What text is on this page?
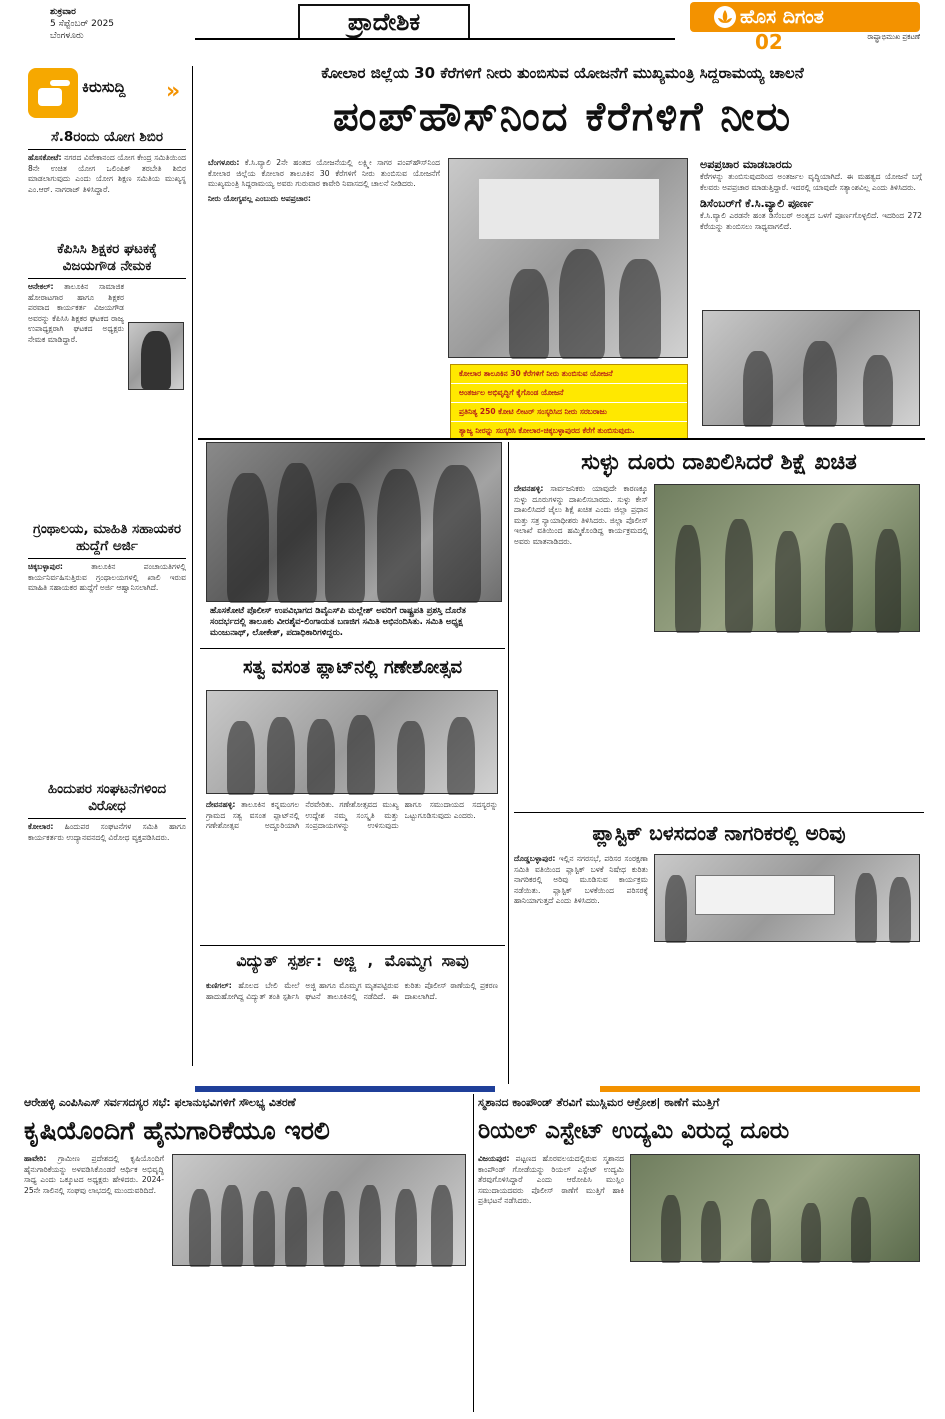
ಶುಕ್ರವಾರ
5 ಸೆಪ್ಟೆಂಬರ್ 2025
ಬೆಂಗಳೂರು	ಪ್ರಾದೇಶಿಕ	ಹೊಸ ದಿಗಂತ
ರಾಷ್ಟ್ರಾಭಿಮುಖ ಪ್ರಕಟಣೆ
02
ಕಿರುಸುದ್ದಿ	»
ಸೆ.8ರಂದು ಯೋಗ ಶಿಬಿರ
ಹೊಸಕೋಟೆ: ನಗರದ ವಿವೇಕಾನಂದ ಯೋಗ ಕೇಂದ್ರ ಸಮಿತಿಯಿಂದ 8ನೇ ಉಚಿತ ಯೋಗ ಒಲಿಂಪಿಕ್ ತರಬೇತಿ ಶಿಬಿರ ಮಾಡಲಾಗುವುದು ಎಂದು ಯೋಗ ಶಿಕ್ಷಣ ಸಮಿತಿಯ ಮುಖ್ಯಸ್ಥ ಎಂ.ಆರ್. ನಾಗರಾಜ್ ತಿಳಿಸಿದ್ದಾರೆ.
ಕೆಪಿಸಿಸಿ ಶಿಕ್ಷಕರ ಘಟಕಕ್ಕೆ ವಿಜಯಗೌಡ ನೇಮಕ
ಆನೇಕಲ್: ತಾಲೂಕಿನ ಸಾಮಾಜಿಕ ಹೋರಾಟಗಾರ ಹಾಗೂ ಶಿಕ್ಷಕರ ಪರವಾದ ಕಾರ್ಯಕರ್ತ ವಿಜಯಗೌಡ ಅವರನ್ನು ಕೆಪಿಸಿಸಿ ಶಿಕ್ಷಕರ ಘಟಕದ ರಾಜ್ಯ ಉಪಾಧ್ಯಕ್ಷರಾಗಿ ಘಟಕದ ಅಧ್ಯಕ್ಷರು ನೇಮಕ ಮಾಡಿದ್ದಾರೆ.
ಗ್ರಂಥಾಲಯ, ಮಾಹಿತಿ ಸಹಾಯಕರ ಹುದ್ದೆಗೆ ಅರ್ಜಿ
ಚಿಕ್ಕಬಳ್ಳಾಪುರ:	ತಾಲೂಕಿನ ಪಂಚಾಯತಿಗಳಲ್ಲಿ ಕಾರ್ಯನಿರ್ವಹಿಸುತ್ತಿರುವ ಗ್ರಂಥಾಲಯಗಳಲ್ಲಿ ಖಾಲಿ ಇರುವ ಮಾಹಿತಿ ಸಹಾಯಕರ ಹುದ್ದೆಗೆ ಅರ್ಜಿ ಆಹ್ವಾನಿಸಲಾಗಿದೆ.
ಹಿಂದುಪರ ಸಂಘಟನೆಗಳಿಂದ ವಿರೋಧ
ಕೋಲಾರ: ಹಿಂದುಪರ ಸಂಘಟನೆಗಳ ಸಮಿತಿ ಹಾಗೂ ಕಾರ್ಯಕರ್ತರು ಉದ್ಯಾನವನದಲ್ಲಿ ವಿರೋಧ ವ್ಯಕ್ತಪಡಿಸಿದರು.
ಕೋಲಾರ ಜಿಲ್ಲೆಯ 30 ಕೆರೆಗಳಿಗೆ ನೀರು ತುಂಬಿಸುವ ಯೋಜನೆಗೆ ಮುಖ್ಯಮಂತ್ರಿ ಸಿದ್ದರಾಮಯ್ಯ ಚಾಲನೆ
ಪಂಪ್‌ಹೌಸ್‌ನಿಂದ ಕೆರೆಗಳಿಗೆ ನೀರು
ಬೆಂಗಳೂರು: ಕೆ.ಸಿ.ವ್ಯಾಲಿ 2ನೇ ಹಂತದ ಯೋಜನೆಯಲ್ಲಿ ಲಕ್ಷ್ಮೀ ಸಾಗರ ಪಂಪ್‌ಹೌಸ್‌ನಿಂದ ಕೋಲಾರ ಜಿಲ್ಲೆಯ ಕೋಲಾರ ತಾಲೂಕಿನ 30 ಕೆರೆಗಳಿಗೆ ನೀರು ತುಂಬಿಸುವ ಯೋಜನೆಗೆ ಮುಖ್ಯಮಂತ್ರಿ ಸಿದ್ದರಾಮಯ್ಯ ಅವರು ಗುರುವಾರ ಕಾವೇರಿ ನಿವಾಸದಲ್ಲಿ ಚಾಲನೆ ನೀಡಿದರು.
ನೀರು ಯೋಗ್ಯವಲ್ಲ ಎಂಬುದು ಅಪಪ್ರಚಾರ:
ಕೋಲಾರ ತಾಲೂಕಿನ 30 ಕೆರೆಗಳಿಗೆ ನೀರು ತುಂಬಿಸುವ ಯೋಜನೆ
ಅಂತರ್ಜಲ ಅಭಿವೃದ್ಧಿಗೆ ಕೈಗೊಂಡ ಯೋಜನೆ
ಪ್ರತಿನಿತ್ಯ 250 ಕೋಟಿ ಲೀಟರ್ ಸಂಸ್ಕರಿಸಿದ ನೀರು ಸರಬರಾಜು
ತ್ಯಾಜ್ಯ ನೀರನ್ನು ಸಂಸ್ಕರಿಸಿ ಕೋಲಾರ-ಚಿಕ್ಕಬಳ್ಳಾಪುರದ ಕೆರೆಗೆ ತುಂಬಿಸುವುದು.
ಅಪಪ್ರಚಾರ ಮಾಡಬಾರದು
ಕೆರೆಗಳನ್ನು ತುಂಬಿಸುವುದರಿಂದ ಅಂತರ್ಜಲ ವೃದ್ಧಿಯಾಗಿದೆ. ಈ ಮಹತ್ವದ ಯೋಜನೆ ಬಗ್ಗೆ ಕೆಲವರು ಅಪಪ್ರಚಾರ ಮಾಡುತ್ತಿದ್ದಾರೆ. ಇದರಲ್ಲಿ ಯಾವುದೇ ಸತ್ಯಾಂಶವಿಲ್ಲ ಎಂದು ತಿಳಿಸಿದರು.
ಡಿಸೆಂಬರ್‌ಗೆ ಕೆ.ಸಿ.ವ್ಯಾಲಿ ಪೂರ್ಣ
ಕೆ.ಸಿ.ವ್ಯಾಲಿ ಎರಡನೇ ಹಂತ ಡಿಸೆಂಬರ್ ಅಂತ್ಯದ ಒಳಗೆ ಪೂರ್ಣಗೊಳ್ಳಲಿದೆ. ಇದರಿಂದ 272 ಕೆರೆಯನ್ನು ತುಂಬಿಸಲು ಸಾಧ್ಯವಾಗಲಿದೆ.
ಹೊಸಕೋಟೆ ಪೊಲೀಸ್ ಉಪವಿಭಾಗದ ಡಿವೈಎಸ್‌ಪಿ ಮಲ್ಲೇಶ್ ಅವರಿಗೆ ರಾಷ್ಟ್ರಪತಿ ಪ್ರಶಸ್ತಿ ದೊರೆತ ಸಂದರ್ಭದಲ್ಲಿ ತಾಲೂಕು ವೀರಶೈವ-ಲಿಂಗಾಯತ ಬಣಜಿಗ ಸಮಿತಿ ಅಭಿನಂದಿಸಿತು. ಸಮಿತಿ ಅಧ್ಯಕ್ಷ ಮಂಜುನಾಥ್, ಲೋಕೇಶ್, ಪದಾಧಿಕಾರಿಗಳಿದ್ದರು.
ಸತ್ವ ವಸಂತ ಪ್ಲಾಟ್‌ನಲ್ಲಿ ಗಣೇಶೋತ್ಸವ
ದೇವನಹಳ್ಳಿ: ತಾಲೂಕಿನ ಕನ್ನಮಂಗಲ ಗ್ರಾಮದ ಸತ್ವ ವಸಂತ ಪ್ಲಾಟ್‌ನಲ್ಲಿ ಗಣೇಶೋತ್ಸವ ಅದ್ದೂರಿಯಾಗಿ ನೆರವೇರಿತು. ಗಣೇಶೋತ್ಸವದ ಮುಖ್ಯ ಉದ್ದೇಶ ನಮ್ಮ ಸಂಸ್ಕೃತಿ ಮತ್ತು ಸಂಪ್ರದಾಯಗಳನ್ನು ಉಳಿಸುವುದು ಹಾಗೂ ಸಮುದಾಯದ ಸದಸ್ಯರನ್ನು ಒಟ್ಟುಗೂಡಿಸುವುದು ಎಂದರು.
ವಿದ್ಯುತ್ ಸ್ಪರ್ಶ: ಅಜ್ಜಿ , ಮೊಮ್ಮಗ ಸಾವು
ಕುಣಿಗಲ್: ಹೊಲದ ಬೇಲಿ ಮೇಲೆ ಹಾದುಹೋಗಿದ್ದ ವಿದ್ಯುತ್ ತಂತಿ ಸ್ಪರ್ಶಿಸಿ ಅಜ್ಜಿ ಹಾಗೂ ಮೊಮ್ಮಗ ಮೃತಪಟ್ಟಿರುವ ಘಟನೆ ತಾಲೂಕಿನಲ್ಲಿ ನಡೆದಿದೆ. ಈ ಕುರಿತು ಪೊಲೀಸ್ ಠಾಣೆಯಲ್ಲಿ ಪ್ರಕರಣ ದಾಖಲಾಗಿದೆ.
ಸುಳ್ಳು ದೂರು ದಾಖಲಿಸಿದರೆ ಶಿಕ್ಷೆ ಖಚಿತ
ದೇವನಹಳ್ಳಿ: ಸಾರ್ವಜನಿಕರು ಯಾವುದೇ ಕಾರಣಕ್ಕೂ ಸುಳ್ಳು ದೂರುಗಳನ್ನು ದಾಖಲಿಸಬಾರದು. ಸುಳ್ಳು ಕೇಸ್ ದಾಖಲಿಸಿದರೆ ಜೈಲು ಶಿಕ್ಷೆ ಖಚಿತ ಎಂದು ಜಿಲ್ಲಾ ಪ್ರಧಾನ ಮತ್ತು ಸತ್ರ ನ್ಯಾಯಾಧೀಶರು ತಿಳಿಸಿದರು. ಜಿಲ್ಲಾ ಪೊಲೀಸ್ ಇಲಾಖೆ ವತಿಯಿಂದ ಹಮ್ಮಿಕೊಂಡಿದ್ದ ಕಾರ್ಯಕ್ರಮದಲ್ಲಿ ಅವರು ಮಾತನಾಡಿದರು.
ಪ್ಲಾಸ್ಟಿಕ್ ಬಳಸದಂತೆ ನಾಗರಿಕರಲ್ಲಿ ಅರಿವು
ದೊಡ್ಡಬಳ್ಳಾಪುರ: ಇಲ್ಲಿನ ನಗರಸಭೆ, ಪರಿಸರ ಸಂರಕ್ಷಣಾ ಸಮಿತಿ ವತಿಯಿಂದ ಪ್ಲಾಸ್ಟಿಕ್ ಬಳಕೆ ನಿಷೇಧ ಕುರಿತು ನಾಗರಿಕರಲ್ಲಿ ಅರಿವು ಮೂಡಿಸುವ ಕಾರ್ಯಕ್ರಮ ನಡೆಯಿತು. ಪ್ಲಾಸ್ಟಿಕ್ ಬಳಕೆಯಿಂದ ಪರಿಸರಕ್ಕೆ ಹಾನಿಯಾಗುತ್ತದೆ ಎಂದು ತಿಳಿಸಿದರು.
ಆರೇಹಳ್ಳಿ ಎಂಪಿಸಿಎಸ್ ಸರ್ವಸದಸ್ಯರ ಸಭೆ: ಫಲಾನುಭವಿಗಳಿಗೆ ಸೌಲಭ್ಯ ವಿತರಣೆ
ಕೃಷಿಯೊಂದಿಗೆ ಹೈನುಗಾರಿಕೆಯೂ ಇರಲಿ
ಹಾವೇರಿ: ಗ್ರಾಮೀಣ ಪ್ರದೇಶದಲ್ಲಿ ಕೃಷಿಯೊಂದಿಗೆ ಹೈನುಗಾರಿಕೆಯನ್ನು ಅಳವಡಿಸಿಕೊಂಡರೆ ಆರ್ಥಿಕ ಅಭಿವೃದ್ಧಿ ಸಾಧ್ಯ ಎಂದು ಒಕ್ಕೂಟದ ಅಧ್ಯಕ್ಷರು ಹೇಳಿದರು. 2024-25ನೇ ಸಾಲಿನಲ್ಲಿ ಸಂಘವು ಲಾಭದಲ್ಲಿ ಮುಂದುವರಿದಿದೆ.
ಸ್ಮಶಾನದ ಕಾಂಪೌಂಡ್ ತೆರವಿಗೆ ಮುಸ್ಲಿಮರ ಆಕ್ರೋಶ| ಠಾಣೆಗೆ ಮುತ್ತಿಗೆ
ರಿಯಲ್ ಎಸ್ಟೇಟ್ ಉದ್ಯಮಿ ವಿರುದ್ಧ ದೂರು
ವಿಜಯಪುರ: ಪಟ್ಟಣದ ಹೊರವಲಯದಲ್ಲಿರುವ ಸ್ಮಶಾನದ ಕಾಂಪೌಂಡ್ ಗೋಡೆಯನ್ನು ರಿಯಲ್ ಎಸ್ಟೇಟ್ ಉದ್ಯಮಿ ತೆರವುಗೊಳಿಸಿದ್ದಾರೆ ಎಂದು ಆರೋಪಿಸಿ ಮುಸ್ಲಿಂ ಸಮುದಾಯದವರು ಪೊಲೀಸ್ ಠಾಣೆಗೆ ಮುತ್ತಿಗೆ ಹಾಕಿ ಪ್ರತಿಭಟನೆ ನಡೆಸಿದರು.
